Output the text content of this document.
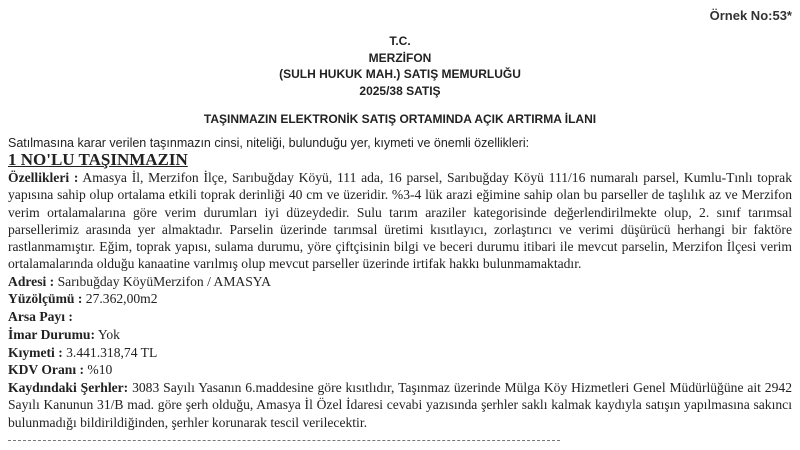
Örnek No:53*
T.C.
MERZİFON
(SULH HUKUK MAH.) SATIŞ MEMURLUĞU
2025/38 SATIŞ
TAŞINMAZIN ELEKTRONİK SATIŞ ORTAMINDA AÇIK ARTIRMA İLANI
Satılmasına karar verilen taşınmazın cinsi, niteliği, bulunduğu yer, kıymeti ve önemli özellikleri:
1 NO'LU TAŞINMAZIN

Özellikleri : Amasya İl, Merzifon İlçe, Sarıbuğday Köyü, 111 ada, 16 parsel, Sarıbuğday Köyü 111/16 numaralı parsel, Kumlu-Tınlı toprak yapısına sahip olup ortalama etkili toprak derinliği 40 cm ve üzeridir. %3-4 lük arazi eğimine sahip olan bu parseller de taşlılık az ve Merzifon verim ortalamalarına göre verim durumları iyi düzeydedir. Sulu tarım araziler kategorisinde değerlendirilmekte olup, 2. sınıf tarımsal parsellerimiz arasında yer almaktadır. Parselin üzerinde tarımsal üretimi kısıtlayıcı, zorlaştırıcı ve verimi düşürücü herhangi bir faktöre rastlanmamıştır. Eğim, toprak yapısı, sulama durumu, yöre çiftçisinin bilgi ve beceri durumu itibari ile mevcut parselin, Merzifon İlçesi verim ortalamalarında olduğu kanaatine varılmış olup mevcut parseller üzerinde irtifak hakkı bulunmamaktadır.

Adresi : Sarıbuğday KöyüMerzifon / AMASYA

Yüzölçümü : 27.362,00m2

Arsa Payı :

İmar Durumu: Yok

Kıymeti : 3.441.318,74 TL

KDV Oranı : %10

Kaydındaki Şerhler: 3083 Sayılı Yasanın 6.maddesine göre kısıtlıdır, Taşınmaz üzerinde Mülga Köy Hizmetleri Genel Müdürlüğüne ait 2942 Sayılı Kanunun 31/B mad. göre şerh olduğu, Amasya İl Özel İdaresi cevabi yazısında şerhler saklı kalmak kaydıyla satışın yapılmasına sakıncı bulunmadığı bildirildiğinden, şerhler korunarak tescil verilecektir.
